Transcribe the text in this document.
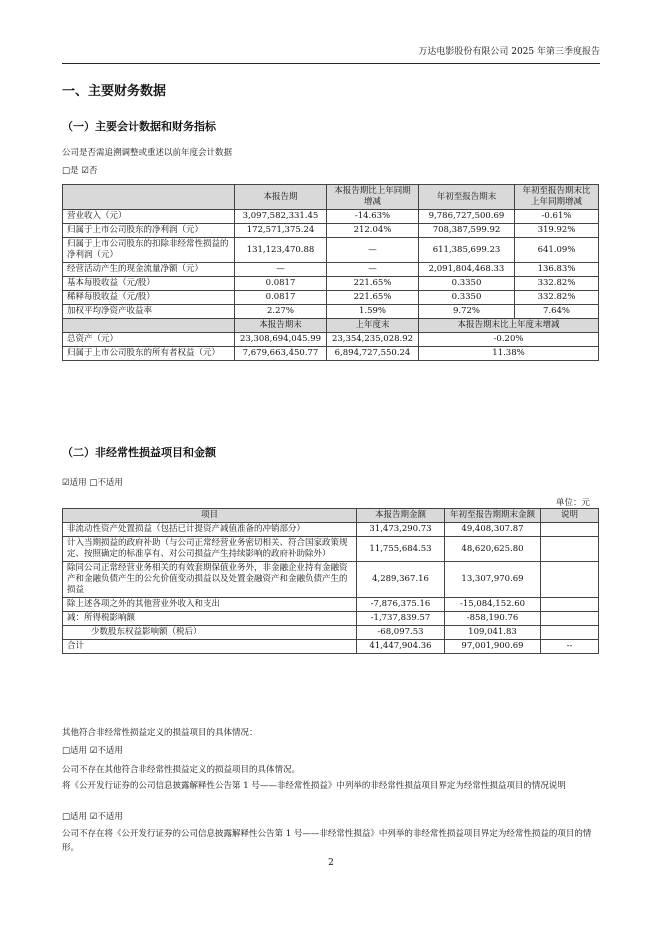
万达电影股份有限公司 2025 年第三季度报告
一、主要财务数据
（一）主要会计数据和财务指标
公司是否需追溯调整或重述以前年度会计数据
□是 ☑否
	本报告期	本报告期比上年同期增减	年初至报告期末	年初至报告期末比上年同期增减
营业收入（元）	3,097,582,331.45	-14.63%	9,786,727,500.69	-0.61%
归属于上市公司股东的净利润（元）	172,571,375.24	212.04%	708,387,599.92	319.92%
归属于上市公司股东的扣除非经常性损益的净利润（元）	131,123,470.88	—	611,385,699.23	641.09%
经营活动产生的现金流量净额（元）	—	—	2,091,804,468.33	136.83%
基本每股收益（元/股）	0.0817	221.65%	0.3350	332.82%
稀释每股收益（元/股）	0.0817	221.65%	0.3350	332.82%
加权平均净资产收益率	2.27%	1.59%	9.72%	7.64%
	本报告期末	上年度末	本报告期末比上年度末增减	
总资产（元）	23,308,694,045.99	23,354,235,028.92	-0.20%	
归属于上市公司股东的所有者权益（元）	7,679,663,450.77	6,894,727,550.24	11.38%	
（二）非经常性损益项目和金额
☑适用 □不适用
单位：元
项目	本报告期金额	年初至报告期期末金额	说明
非流动性资产处置损益（包括已计提资产减值准备的冲销部分）	31,473,290.73	49,408,307.87	
计入当期损益的政府补助（与公司正常经营业务密切相关、符合国家政策规定、按照确定的标准享有、对公司损益产生持续影响的政府补助除外）	11,755,684.53	48,620,625.80	
除同公司正常经营业务相关的有效套期保值业务外，非金融企业持有金融资产和金融负债产生的公允价值变动损益以及处置金融资产和金融负债产生的损益	4,289,367.16	13,307,970.69	
除上述各项之外的其他营业外收入和支出	-7,876,375.16	-15,084,152.60	
减：所得税影响额	-1,737,839.57	-858,190.76	
少数股东权益影响额（税后）	-68,097.53	109,041.83	
合计	41,447,904.36	97,001,900.69	--
其他符合非经常性损益定义的损益项目的具体情况：
□适用 ☑不适用
公司不存在其他符合非经常性损益定义的损益项目的具体情况。
将《公开发行证券的公司信息披露解释性公告第 1 号——非经常性损益》中列举的非经常性损益项目界定为经常性损益项目的情况说明
□适用 ☑不适用
公司不存在将《公开发行证券的公司信息披露解释性公告第 1 号——非经常性损益》中列举的非经常性损益项目界定为经常性损益的项目的情形。
2
